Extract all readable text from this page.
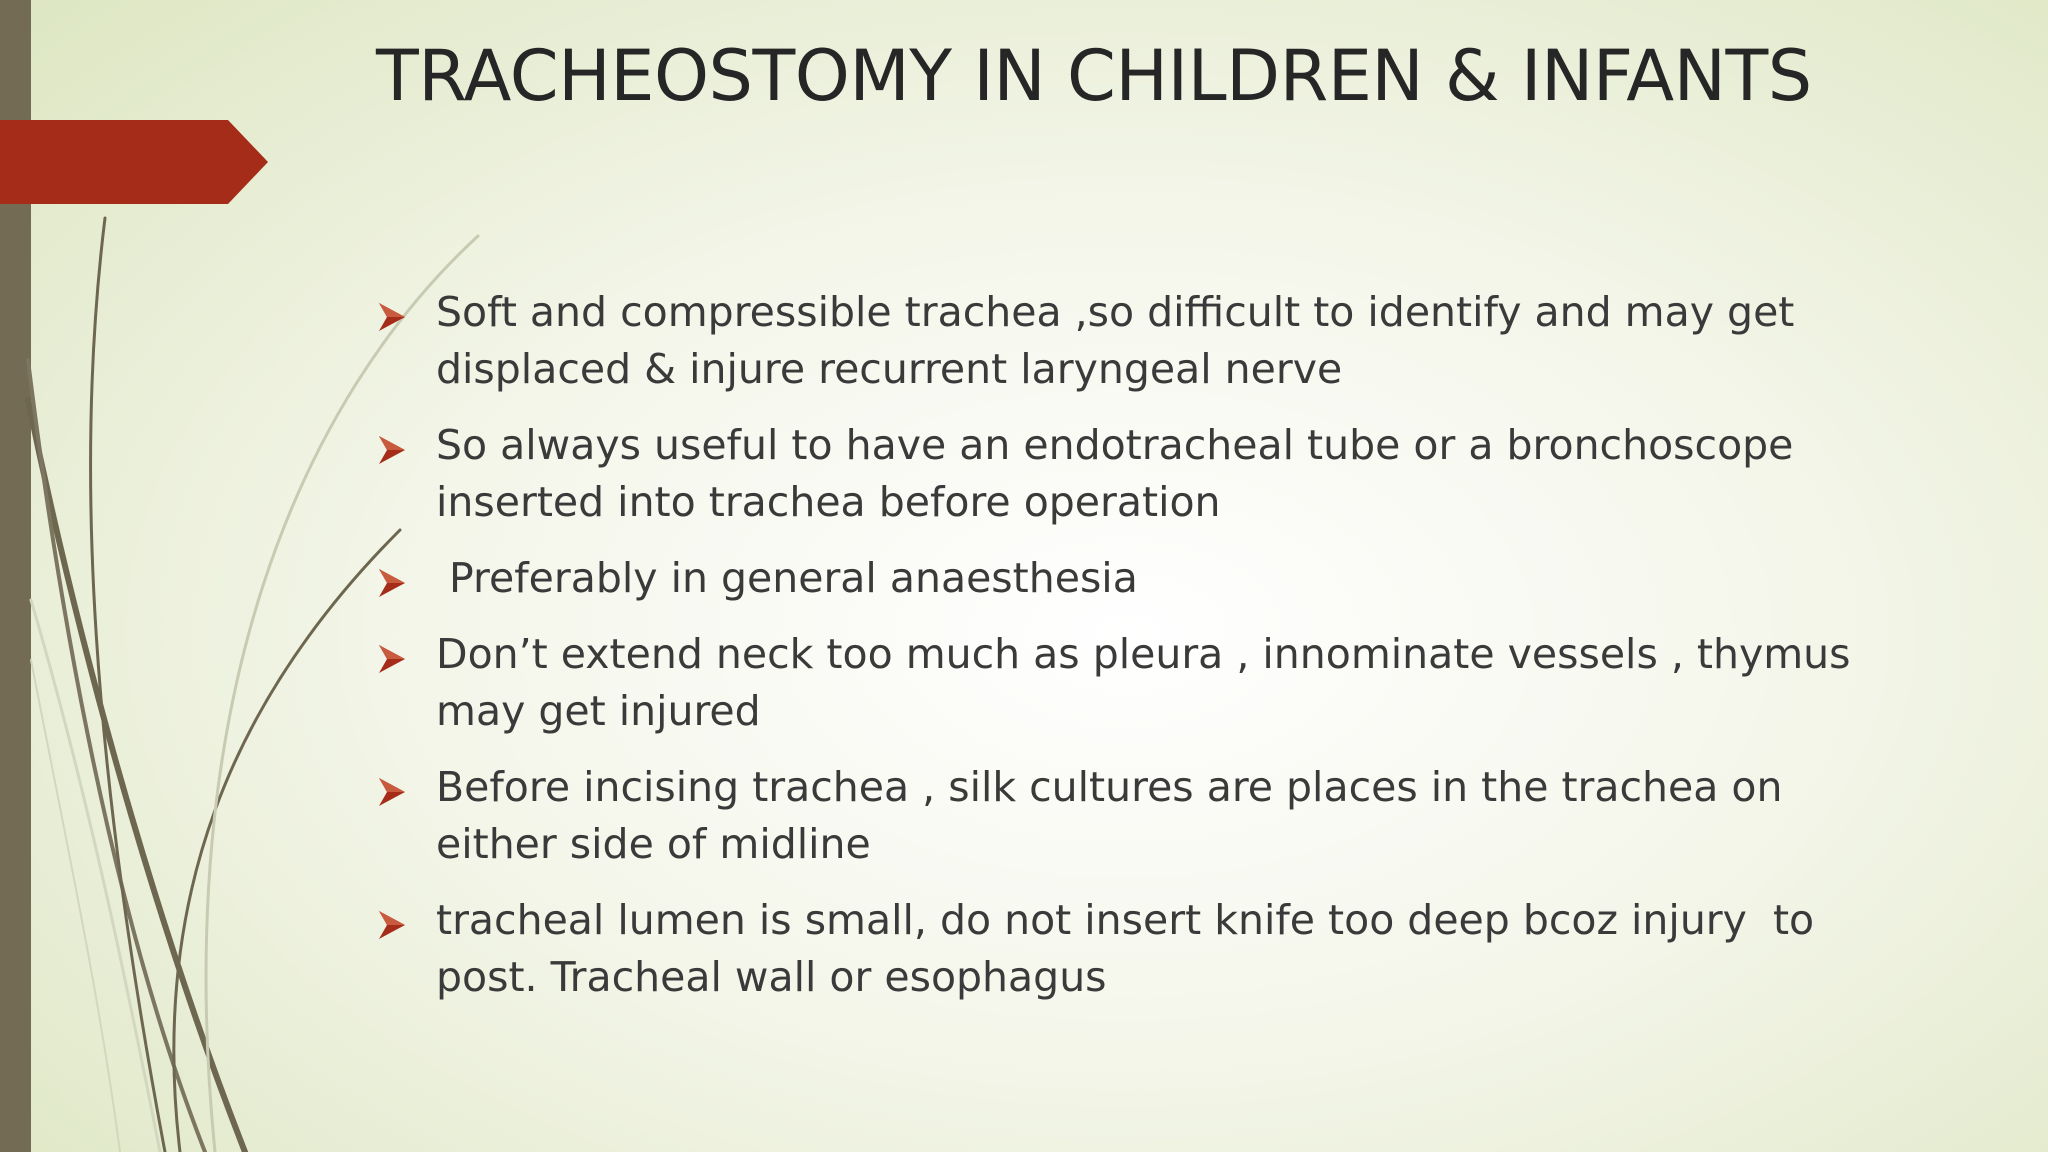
TRACHEOSTOMY IN CHILDREN & INFANTS
Soft and compressible trachea ,so difficult to identify and may get displaced & injure recurrent laryngeal nerve
So always useful to have an endotracheal tube or a bronchoscope inserted into trachea before operation
Preferably in general anaesthesia
Don’t extend neck too much as pleura , innominate vessels , thymus may get injured
Before incising trachea , silk cultures are places in the trachea on either side of midline
tracheal lumen is small, do not insert knife too deep bcoz injury  to post. Tracheal wall or esophagus
